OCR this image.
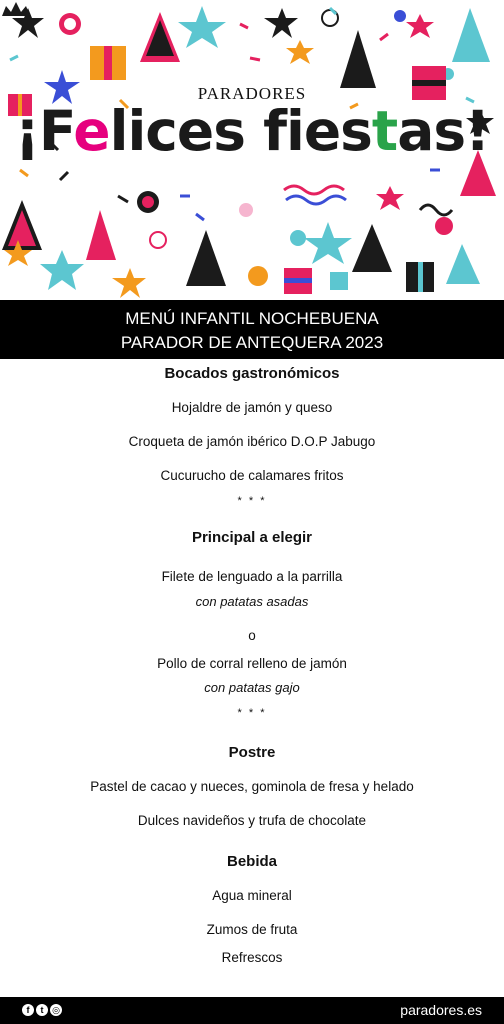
PARADORES
¡Felices fiestas!
MENÚ INFANTIL NOCHEBUENA
PARADOR DE ANTEQUERA 2023
Bocados gastronómicos
Hojaldre de jamón y queso
Croqueta de jamón ibérico D.O.P Jabugo
Cucurucho de calamares fritos
* * *
Principal a elegir
Filete de lenguado a la parrilla
con patatas asadas
o
Pollo de corral relleno de jamón
con patatas gajo
* * *
Postre
Pastel de cacao y nueces, gominola de fresa y helado
Dulces navideños y trufa de chocolate
Bebida
Agua mineral
Zumos de fruta
Refrescos
f	t ◎	paradores.es
